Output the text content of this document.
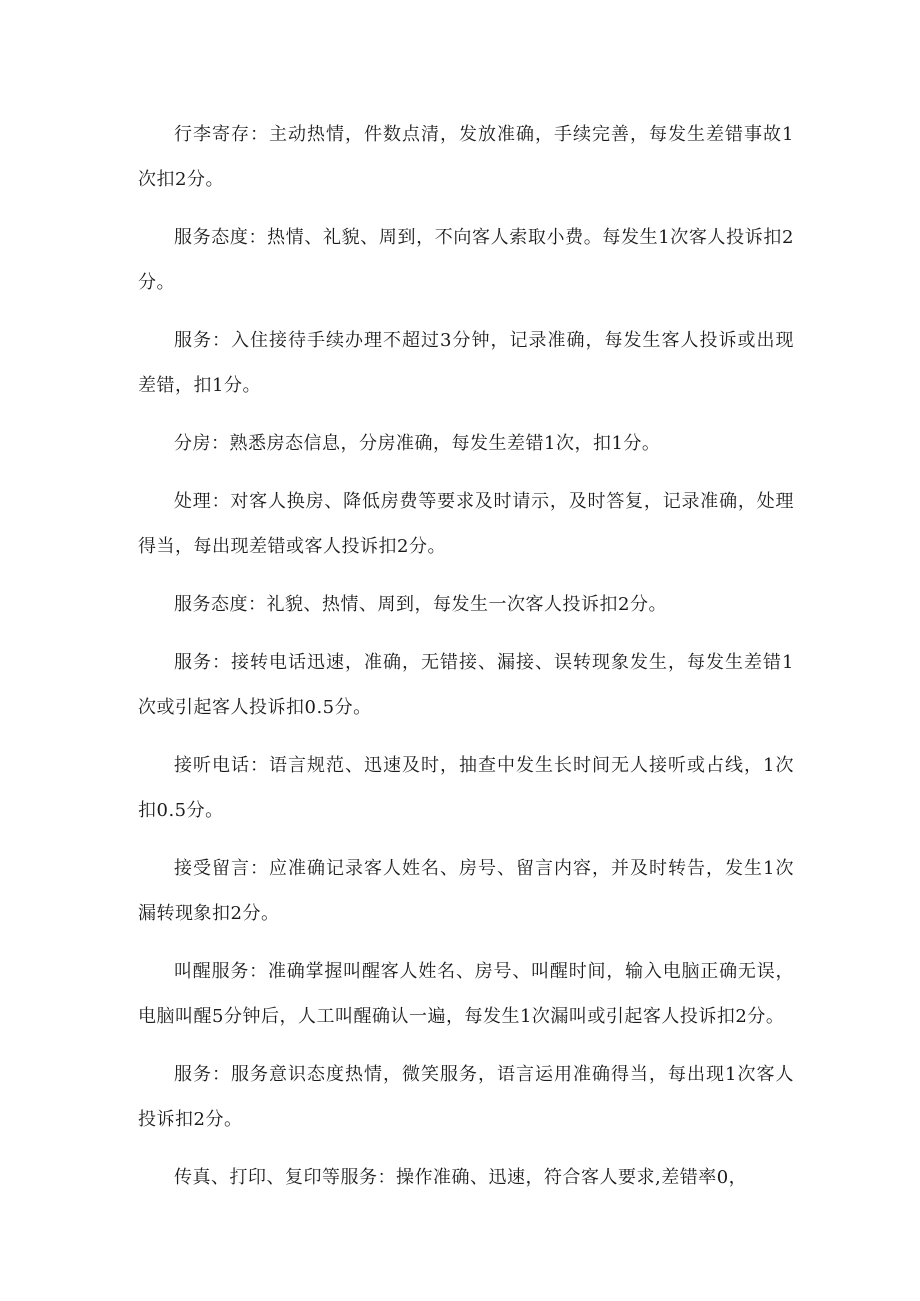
行李寄存：主动热情，件数点清，发放准确，手续完善，每发生差错事故1次扣2分。

服务态度：热情、礼貌、周到，不向客人索取小费。每发生1次客人投诉扣2分。

服务：入住接待手续办理不超过3分钟，记录准确，每发生客人投诉或出现差错，扣1分。

分房：熟悉房态信息，分房准确，每发生差错1次，扣1分。

处理：对客人换房、降低房费等要求及时请示，及时答复，记录准确，处理得当，每出现差错或客人投诉扣2分。

服务态度：礼貌、热情、周到，每发生一次客人投诉扣2分。

服务：接转电话迅速，准确，无错接、漏接、误转现象发生，每发生差错1次或引起客人投诉扣0.5分。

接听电话：语言规范、迅速及时，抽查中发生长时间无人接听或占线，1次扣0.5分。

接受留言：应准确记录客人姓名、房号、留言内容，并及时转告，发生1次漏转现象扣2分。

叫醒服务：准确掌握叫醒客人姓名、房号、叫醒时间，输入电脑正确无误，电脑叫醒5分钟后，人工叫醒确认一遍，每发生1次漏叫或引起客人投诉扣2分。

服务：服务意识态度热情，微笑服务，语言运用准确得当，每出现1次客人投诉扣2分。

传真、打印、复印等服务：操作准确、迅速，符合客人要求,差错率0，
